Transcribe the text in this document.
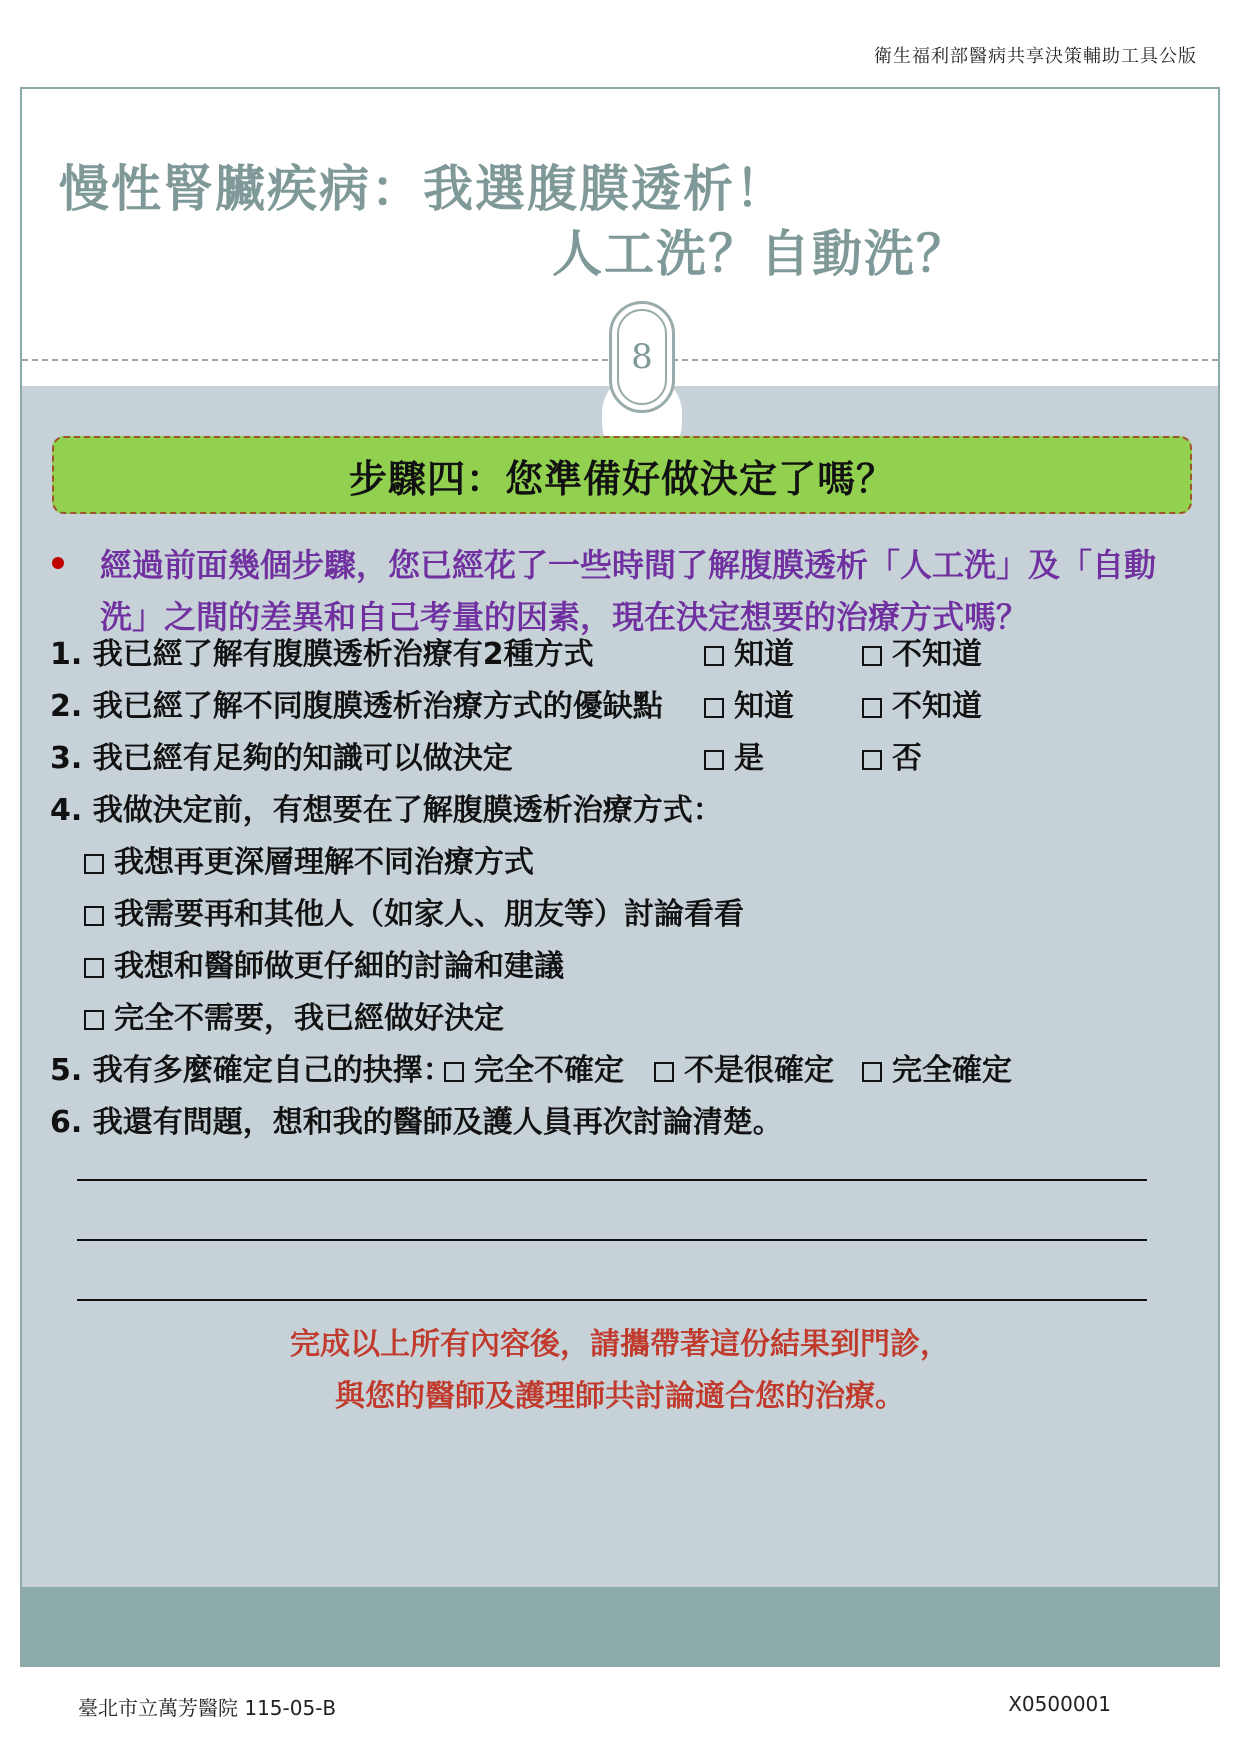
衛生福利部醫病共享決策輔助工具公版
慢性腎臟疾病：我選腹膜透析！
人工洗？自動洗？
8
步驟四：您準備好做決定了嗎？
經過前面幾個步驟，您已經花了一些時間了解腹膜透析「人工洗」及「自動洗」之間的差異和自己考量的因素，現在決定想要的治療方式嗎？
1. 我已經了解有腹膜透析治療有2種方式	知道	不知道
2. 我已經了解不同腹膜透析治療方式的優缺點	知道	不知道
3. 我已經有足夠的知識可以做決定	是	否
4. 我做決定前，有想要在了解腹膜透析治療方式：
我想再更深層理解不同治療方式
我需要再和其他人（如家人、朋友等）討論看看
我想和醫師做更仔細的討論和建議
完全不需要，我已經做好決定
5. 我有多麼確定自己的抉擇： 完全不確定	不是很確定	完全確定
6. 我還有問題，想和我的醫師及護人員再次討論清楚。
完成以上所有內容後，請攜帶著這份結果到門診，
與您的醫師及護理師共討論適合您的治療。
臺北市立萬芳醫院 115-05-B	X0500001
